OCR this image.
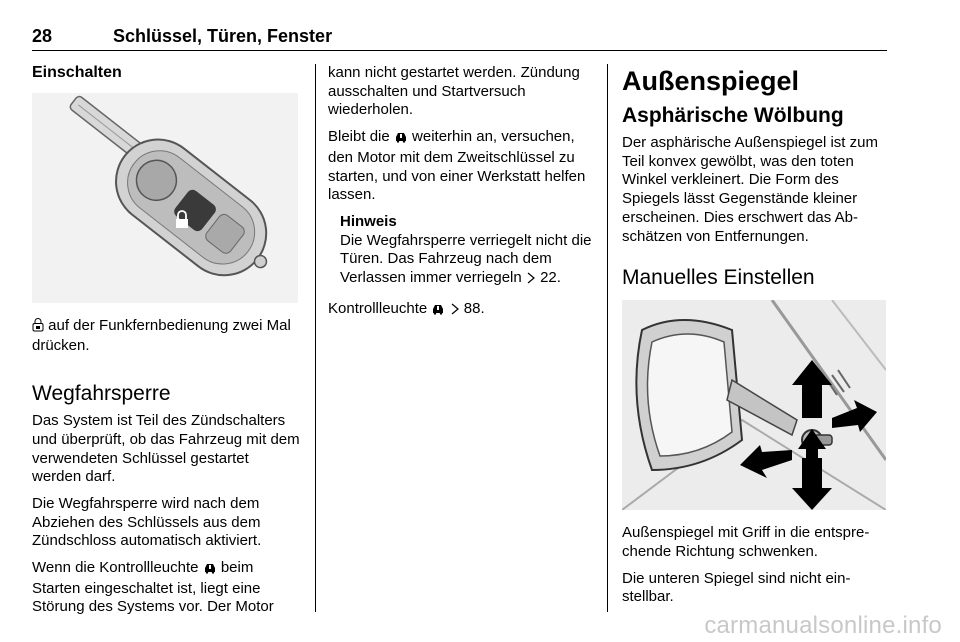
28	Schlüssel, Türen, Fenster
Einschalten

auf der Funkfernbedienung zwei Mal drücken.

Wegfahrsperre

Das System ist Teil des Zündschalters und überprüft, ob das Fahrzeug mit dem verwendeten Schlüssel gestartet werden darf.

Die Wegfahrsperre wird nach dem Abziehen des Schlüssels aus dem Zündschloss automatisch aktiviert.

Wenn die Kontrollleuchte  beim Starten eingeschaltet ist, liegt eine Störung des Systems vor. Der Motor

kann nicht gestartet werden. Zündung ausschalten und Startversuch wiederholen.

Bleibt die  weiterhin an, versuchen, den Motor mit dem Zweitschlüssel zu starten, und von einer Werkstatt helfen lassen.

Hinweis
Die Wegfahrsperre verriegelt nicht die Türen. Das Fahrzeug nach dem Verlassen immer verriegeln  22.

Kontrollleuchte   88.

Außenspiegel
Asphärische Wölbung

Der asphärische Außenspiegel ist zum Teil konvex gewölbt, was den toten Winkel verkleinert. Die Form des Spiegels lässt Gegenstände kleiner erscheinen. Dies erschwert das Abschätzen von Entfernungen.

Manuelles Einstellen

Außenspiegel mit Griff in die entsprechende Richtung schwenken.

Die unteren Spiegel sind nicht einstellbar.

carmanualsonline.info
